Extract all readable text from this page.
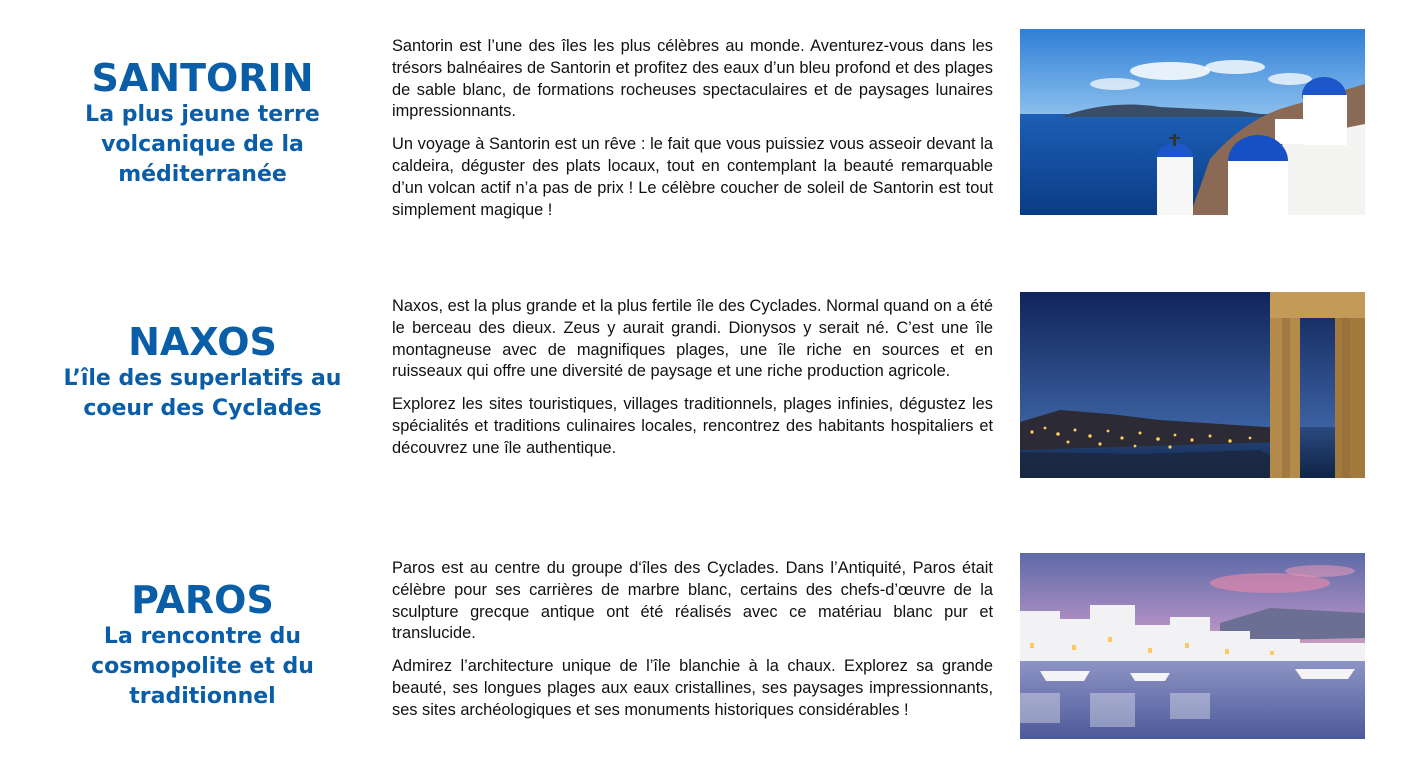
SANTORIN
La plus jeune terre
volcanique de la
méditerranée

Santorin est l’une des îles les plus célèbres au monde. Aventurez-vous dans les trésors balnéaires de Santorin et profitez des eaux d’un bleu profond et des plages de sable blanc, de formations rocheuses spectaculaires et de paysages lunaires impressionnants.

Un voyage à Santorin est un rêve : le fait que vous puissiez vous asseoir devant la caldeira, déguster des plats locaux, tout en contemplant la beauté remarquable d’un volcan actif n’a pas de prix ! Le célèbre coucher de soleil de Santorin est tout simplement magique !

NAXOS
L’île des superlatifs au
coeur des Cyclades

Naxos, est la plus grande et la plus fertile île des Cyclades. Normal quand on a été le berceau des dieux. Zeus y aurait grandi. Dionysos y serait né. C’est une île montagneuse avec de magnifiques plages, une île riche en sources et en ruisseaux qui offre une diversité de paysage et une riche production agricole.

Explorez les sites touristiques, villages traditionnels, plages infinies, dégustez les spécialités et traditions culinaires locales, rencontrez des habitants hospitaliers et découvrez une île authentique.

PAROS
La rencontre du
cosmopolite et du
traditionnel

Paros est au centre du groupe d‘îles des Cyclades. Dans l’Antiquité, Paros était célèbre pour ses carrières de marbre blanc, certains des chefs-d’œuvre de la sculpture grecque antique ont été réalisés avec ce matériau blanc pur et translucide.

Admirez l’architecture unique de l’île blanchie à la chaux. Explorez sa grande beauté, ses longues plages aux eaux cristallines, ses paysages impressionnants, ses sites archéologiques et ses monuments historiques considérables !
